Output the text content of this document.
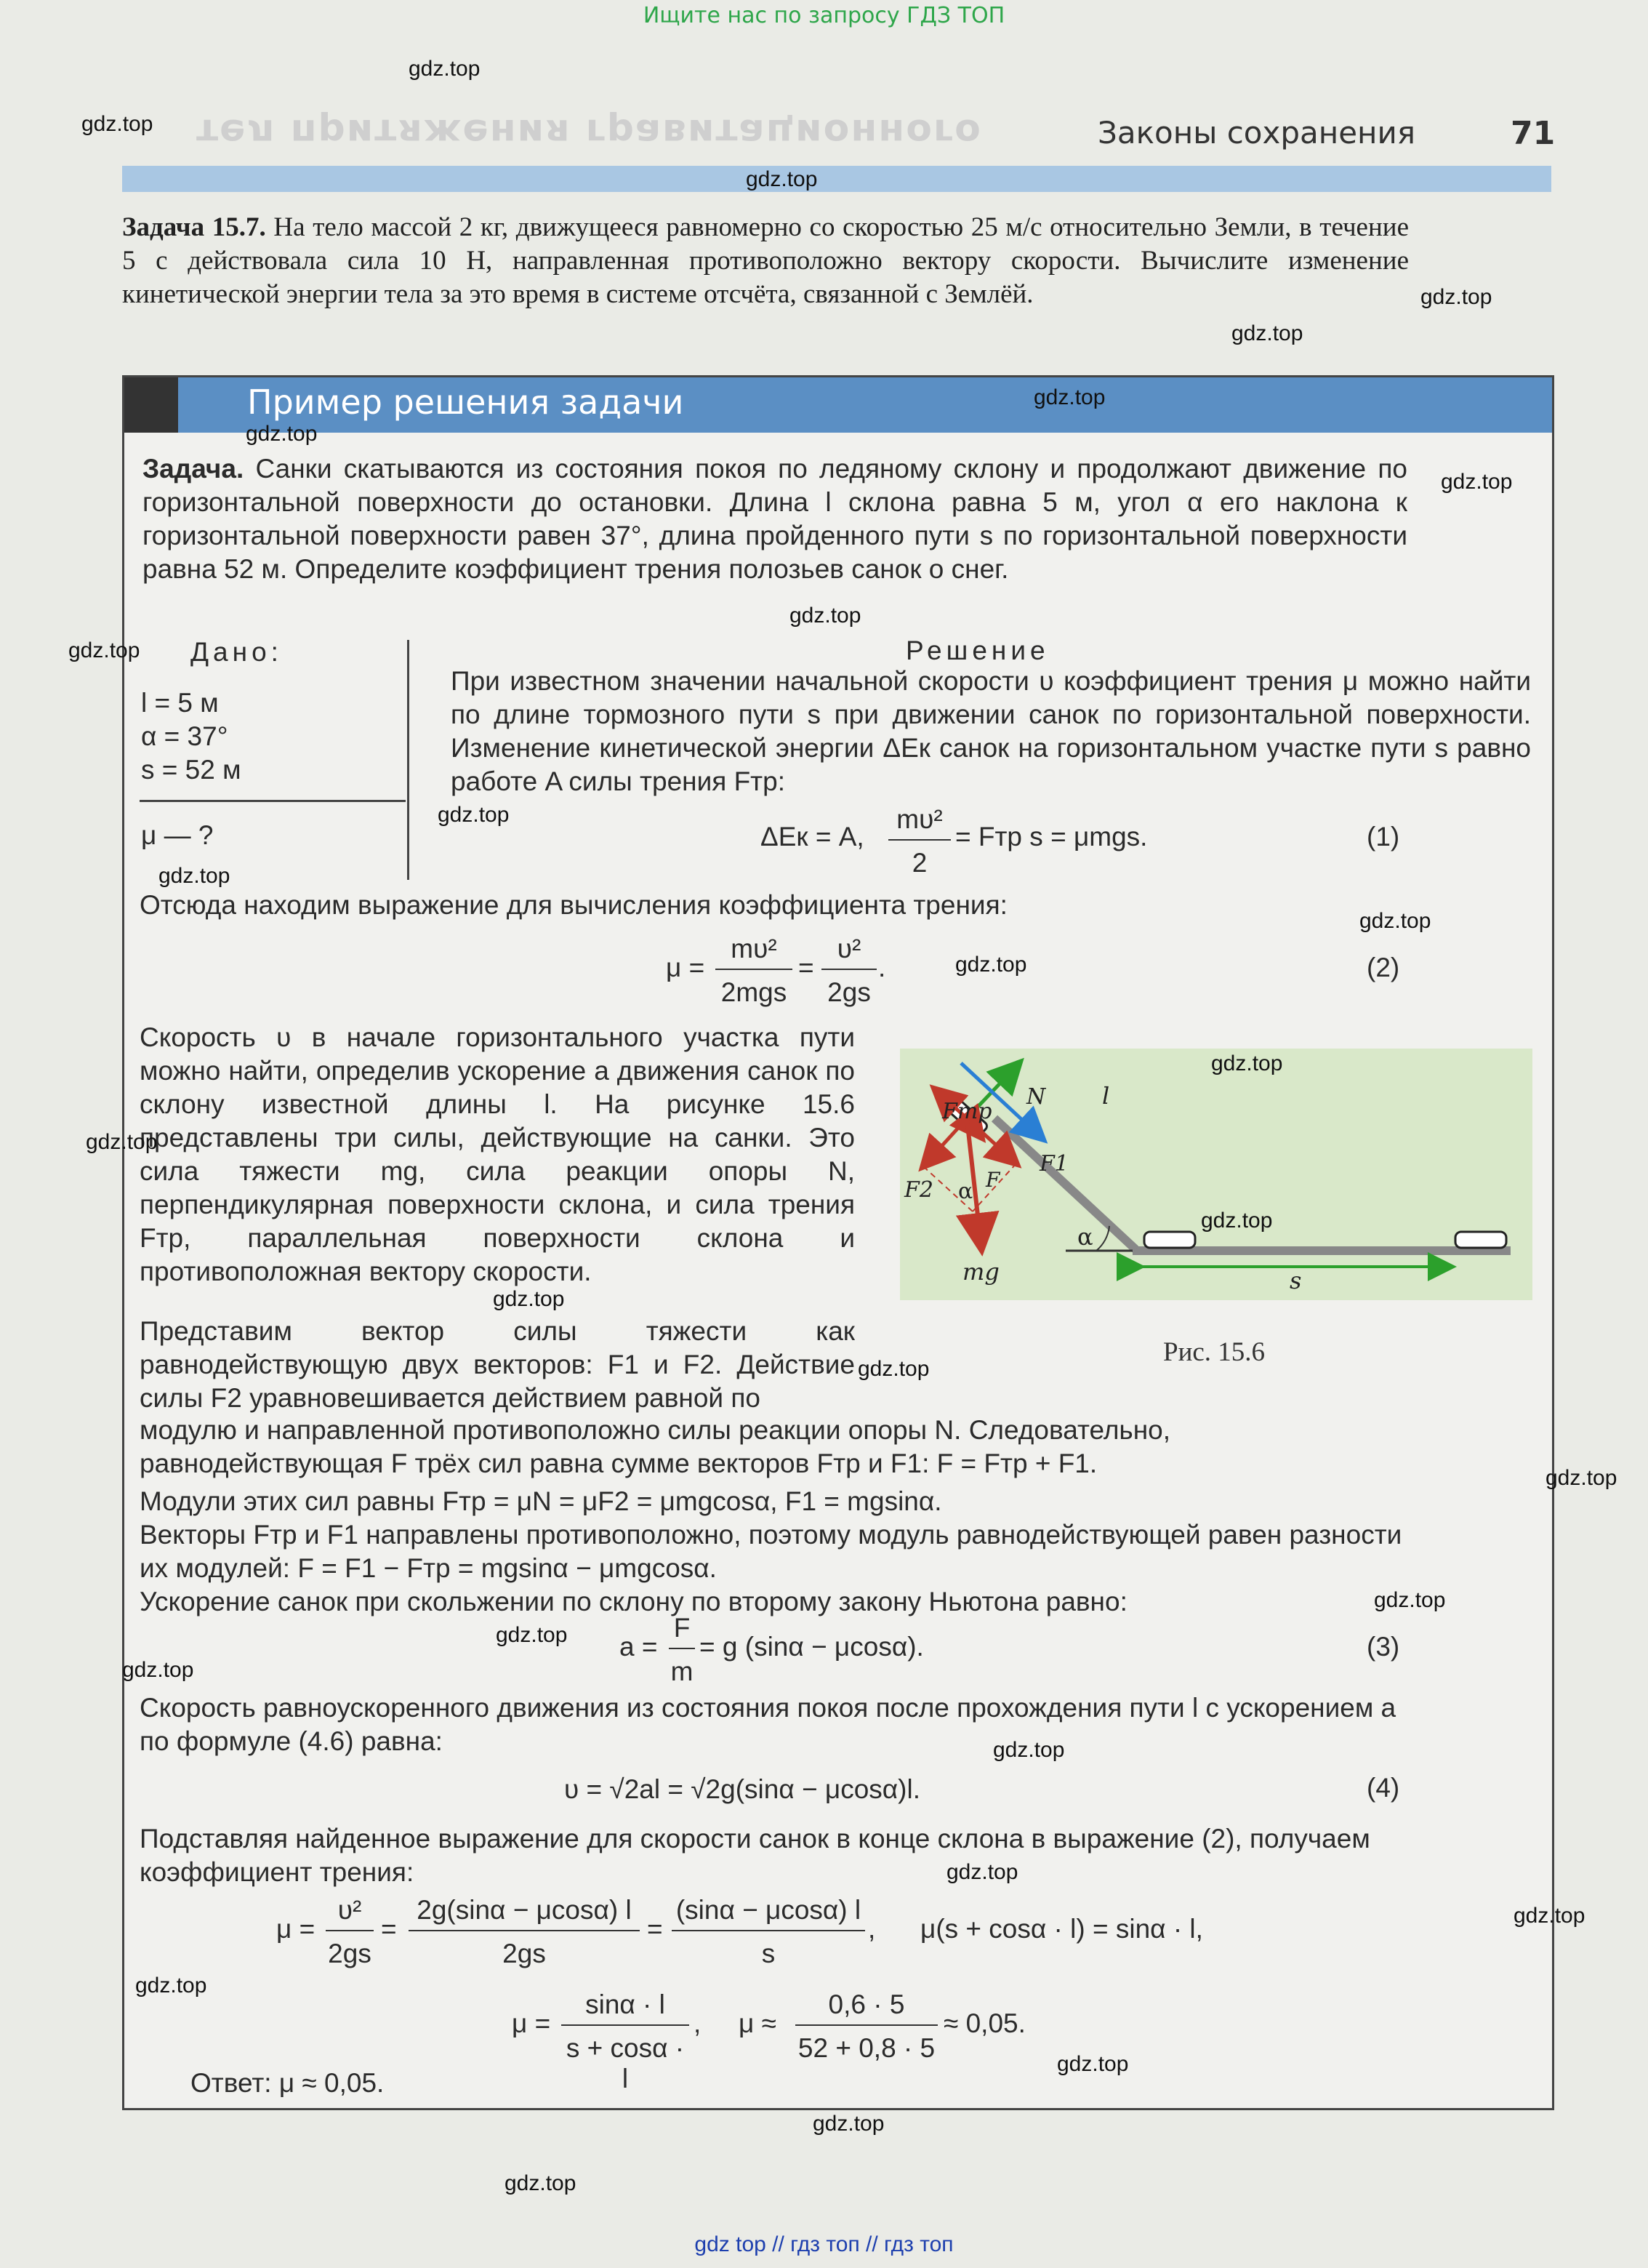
Ищите нас по запросу ГДЗ ТОП
тел притяжения гравитационного	Законы сохранения	71
Задача 15.7. На тело массой 2 кг, движущееся равномерно со скоростью 25 м/с относительно Земли, в течение 5 с действовала сила 10 Н, направленная противоположно вектору скорости. Вычислите изменение кинетической энергии тела за это время в системе отсчёта, связанной с Землёй.
Пример решения задачи
Задача. Санки скатываются из состояния покоя по ледяному склону и продолжают движение по горизонтальной поверхности до остановки. Длина l склона равна 5 м, угол α его наклона к горизонтальной поверхности равен 37°, длина пройденного пути s по горизонтальной поверхности равна 52 м. Определите коэффициент трения полозьев санок о снег.
Дано:
l = 5 м
α = 37°
s = 52 м
μ — ?
Решение
При известном значении начальной скорости υ коэффициент трения μ можно найти по длине тормозного пути s при движении санок по горизонтальной поверхности. Изменение кинетической энергии ΔEк санок на горизонтальном участке пути s равно работе A силы трения Fтр:
ΔEк = A,
mυ²
2
= Fтр s = μmgs.	(1)
Отсюда находим выражение для вычисления коэффициента трения:
μ =
mυ²
2mgs
=
υ²
2gs
.	(2)
Скорость υ в начале горизонтального участка пути можно найти, определив ускорение a движения санок по склону известной длины l. На рисунке 15.6 представлены три силы, действующие на санки. Это сила тяжести mg, сила реакции опоры N, перпендикулярная поверхности склона, и сила трения Fтр, параллельная поверхности склона и противоположная вектору скорости.
Представим вектор силы тяжести как равнодействующую двух векторов: F1 и F2. Действие силы F2 уравновешивается действием равной по
модулю и направленной противоположно силы реакции опоры N. Следовательно, равнодействующая F трёх сил равна сумме векторов Fтр и F1: F = Fтр + F1.
Модули этих сил равны Fтр = μN = μF2 = μmgcosα, F1 = mgsinα.
Векторы Fтр и F1 направлены противоположно, поэтому модуль равнодействующей равен разности их модулей: F = F1 − Fтр = mgsinα − μmgcosα.
Ускорение санок при скольжении по склону по второму закону Ньютона равно:
a =
F
m
= g (sinα − μcosα).	(3)
Скорость равноускоренного движения из состояния покоя после прохождения пути l с ускорением a по формуле (4.6) равна:
υ = √2al = √2g(sinα − μcosα)l.	(4)
Подставляя найденное выражение для скорости санок в конце склона в выражение (2), получаем коэффициент трения:
μ =
υ²
2gs
=
2g(sinα − μcosα) l
2gs
=
(sinα − μcosα) l
s
, μ(s + cosα · l) = sinα · l,
μ =
sinα · l
s + cosα · l
, μ ≈
0,6 · 5
52 + 0,8 · 5
≈ 0,05.
Ответ: μ ≈ 0,05.
Fтр
N l
F1
F2	F
α
α
mg	s
Рис. 15.6
gdz.top
gdz.top
gdz.top
gdz.top
gdz.top
gdz.top
gdz.top
gdz.top
gdz.top
gdz.top
gdz.top
gdz.top
gdz.top
gdz.top
gdz.top
gdz.top
gdz.top
gdz.top
gdz.top
gdz.top
gdz.top
gdz.top
gdz.top
gdz.top
gdz.top
gdz.top
gdz.top
gdz.top
gdz.top
gdz.top
gdz top // гдз топ // гдз топ
